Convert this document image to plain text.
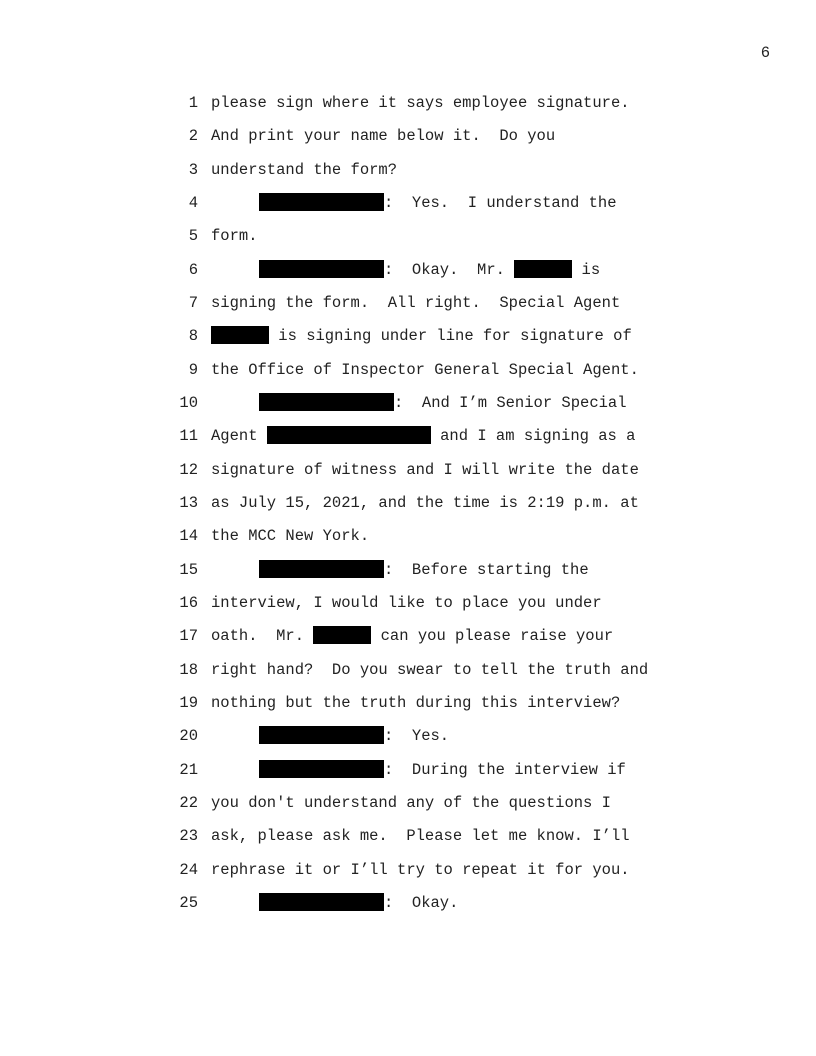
6
1 please sign where it says employee signature.
2 And print your name below it.  Do you
3 understand the form?
4	:  Yes.  I understand the
5 form.
6	:  Okay.  Mr.	is
7 signing the form.  All right.  Special Agent
8	is signing under line for signature of
9 the Office of Inspector General Special Agent.
10	:  And I’m Senior Special
11 Agent	and I am signing as a
12 signature of witness and I will write the date
13 as July 15, 2021, and the time is 2:19 p.m. at
14 the MCC New York.
15	:  Before starting the
16 interview, I would like to place you under
17 oath.  Mr.	can you please raise your
18 right hand?  Do you swear to tell the truth and
19 nothing but the truth during this interview?
20	:  Yes.
21	:  During the interview if
22 you don't understand any of the questions I
23 ask, please ask me.  Please let me know. I’ll
24 rephrase it or I’ll try to repeat it for you.
25	:  Okay.
